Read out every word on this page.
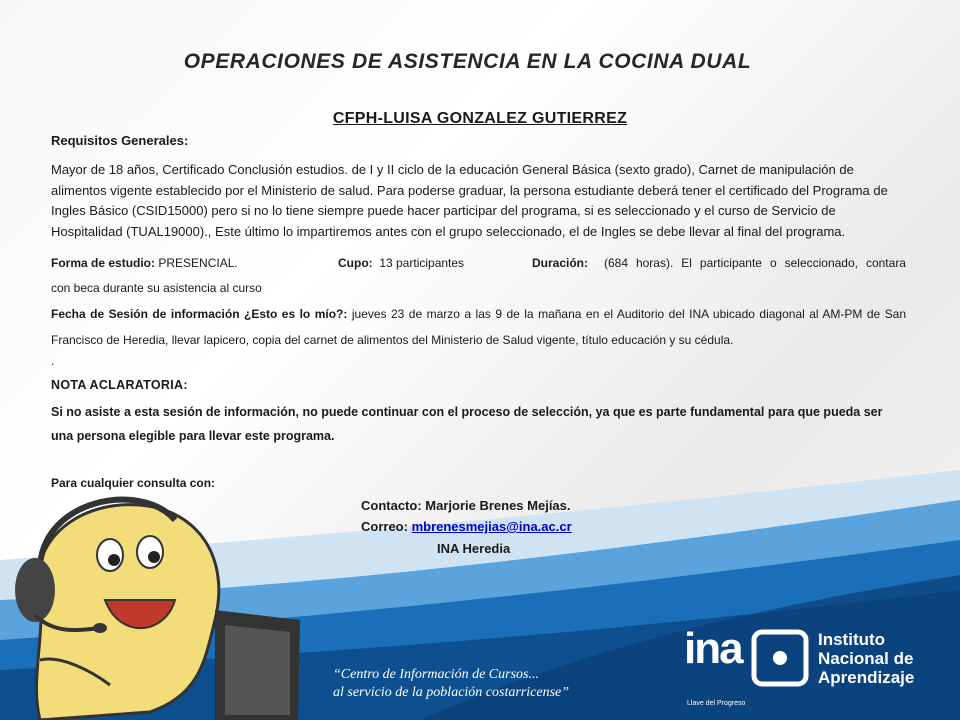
OPERACIONES DE ASISTENCIA EN LA COCINA DUAL
CFPH-LUISA GONZALEZ GUTIERREZ
Requisitos Generales:
Mayor de 18 años, Certificado Conclusión estudios. de I y II ciclo de la educación General Básica (sexto grado), Carnet de manipulación de alimentos vigente establecido por el Ministerio de salud. Para poderse graduar, la persona estudiante deberá tener el certificado del Programa de Ingles Básico (CSID15000) pero si no lo tiene siempre puede hacer participar del programa, si es seleccionado y el curso de Servicio de Hospitalidad (TUAL19000)., Este último lo impartiremos antes con el grupo seleccionado, el de Ingles se debe llevar al final del programa.
Forma de estudio: PRESENCIAL.	Cupo: 13 participantes	Duración: (684 horas). El participante o seleccionado, contara
con beca durante su asistencia al curso
Fecha de Sesión de información ¿Esto es lo mío?: jueves 23 de marzo a las 9 de la mañana en el Auditorio del INA ubicado diagonal al AM-PM de San Francisco de Heredia, llevar lapicero, copia del carnet de alimentos del Ministerio de Salud vigente, título educación y su cédula.
.
NOTA ACLARATORIA:
Si no asiste a esta sesión de información, no puede continuar con el proceso de selección, ya que es parte fundamental para que pueda ser una persona elegible para llevar este programa.
Para cualquier consulta con:
Contacto: Marjorie Brenes Mejías.
Correo: mbrenesmejias@ina.ac.cr
INA Heredia
“Centro de Información de Cursos...
al servicio de la población costarricense”
ina
Llave del Progreso
Instituto
Nacional de
Aprendizaje
